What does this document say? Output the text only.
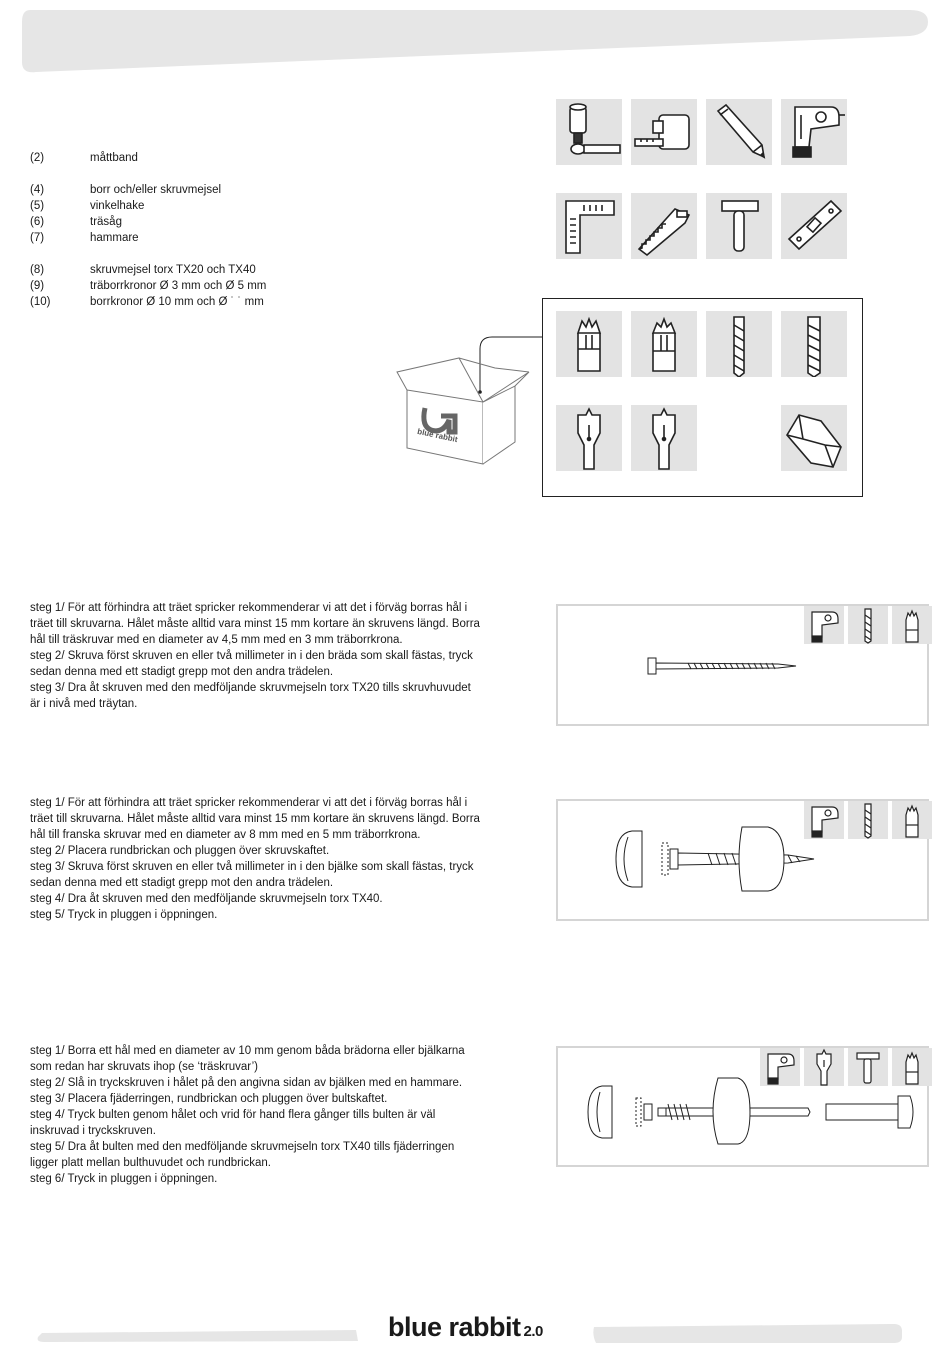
(2)	måttband
(4)	borr och/eller skruvmejsel
(5)	vinkelhake
(6)	träsåg
(7)	hammare
(8)	skruvmejsel torx TX20 och TX40
(9)	träborrkronor Ø 3 mm och Ø 5 mm
(10)	borrkronor Ø 10 mm och Ø ˙ ˙ mm
blue rabbit

steg 1/ För att förhindra att träet spricker rekommenderar vi att det i förväg borras hål i träet till skruvarna. Hålet måste alltid vara minst 15 mm kortare än skruvens längd. Borra hål till träskruvar med en diameter av 4,5 mm med en 3 mm träborrkrona.

steg 2/ Skruva först skruven en eller två millimeter in i den bräda som skall fästas, tryck sedan denna med ett stadigt grepp mot den andra trädelen.

steg 3/ Dra åt skruven med den medföljande skruvmejseln torx TX20 tills skruvhuvudet är i nivå med träytan.

steg 1/ För att förhindra att träet spricker rekommenderar vi att det i förväg borras hål i träet till skruvarna. Hålet måste alltid vara minst 15 mm kortare än skruvens längd. Borra hål till franska skruvar med en diameter av 8 mm med en 5 mm träborrkrona.

steg 2/ Placera rundbrickan och pluggen över skruvskaftet.

steg 3/ Skruva först skruven en eller två millimeter in i den bjälke som skall fästas, tryck sedan denna med ett stadigt grepp mot den andra trädelen.

steg 4/ Dra åt skruven med den medföljande skruvmejseln torx TX40.

steg 5/ Tryck in pluggen i öppningen.

steg 1/ Borra ett hål med en diameter av 10 mm genom båda brädorna eller bjälkarna som redan har skruvats ihop (se ‘träskruvar’)

steg 2/ Slå in tryckskruven i hålet på den angivna sidan av bjälken med en hammare.

steg 3/ Placera fjäderringen, rundbrickan och pluggen över bultskaftet.

steg 4/ Tryck bulten genom hålet och vrid för hand flera gånger tills bulten är väl inskruvad i tryckskruven.

steg 5/ Dra åt bulten med den medföljande skruvmejseln torx TX40 tills fjäderringen ligger platt mellan bulthuvudet och rundbrickan.

steg 6/ Tryck in pluggen i öppningen.

blue rabbit 2.0
